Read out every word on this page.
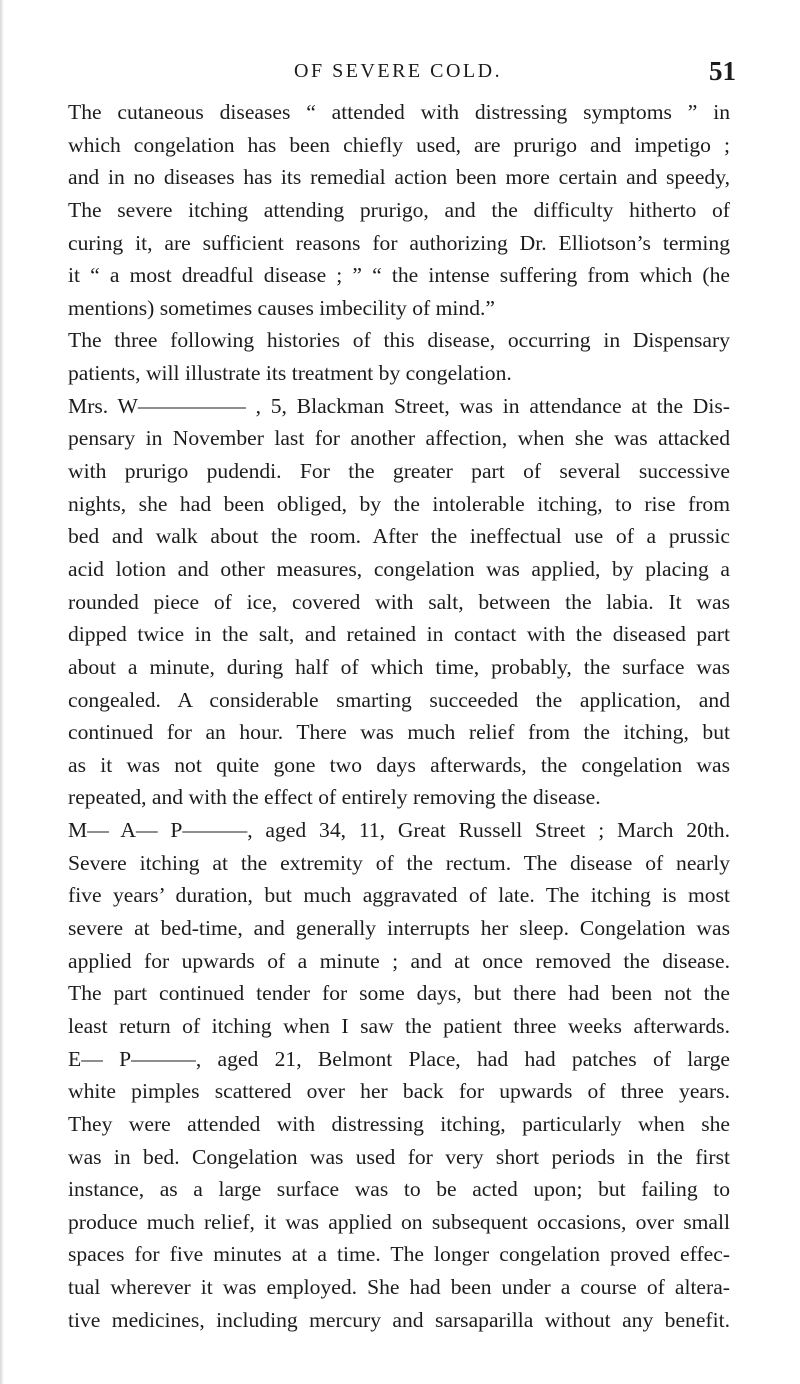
OF SEVERE COLD.	51
The cutaneous diseases “ attended with distressing symptoms ” in
which congelation has been chiefly used, are prurigo and impetigo ;
and in no diseases has its remedial action been more certain and speedy,
The severe itching attending prurigo, and the difficulty hitherto of
curing it, are sufficient reasons for authorizing Dr. Elliotson’s terming
it “ a most dreadful disease ; ” “ the intense suffering from which (he
mentions) sometimes causes imbecility of mind.”
The three following histories of this disease, occurring in Dispensary
patients, will illustrate its treatment by congelation.
Mrs. W————— , 5, Blackman Street, was in attendance at the Dis-
pensary in November last for another affection, when she was attacked
with prurigo pudendi. For the greater part of several successive
nights, she had been obliged, by the intolerable itching, to rise from
bed and walk about the room. After the ineffectual use of a prussic
acid lotion and other measures, congelation was applied, by placing a
rounded piece of ice, covered with salt, between the labia. It was
dipped twice in the salt, and retained in contact with the diseased part
about a minute, during half of which time, probably, the surface was
congealed. A considerable smarting succeeded the application, and
continued for an hour. There was much relief from the itching, but
as it was not quite gone two days afterwards, the congelation was
repeated, and with the effect of entirely removing the disease.
M— A— P———, aged 34, 11, Great Russell Street ; March 20th.
Severe itching at the extremity of the rectum. The disease of nearly
five years’ duration, but much aggravated of late. The itching is most
severe at bed-time, and generally interrupts her sleep. Congelation was
applied for upwards of a minute ; and at once removed the disease.
The part continued tender for some days, but there had been not the
least return of itching when I saw the patient three weeks afterwards.
E— P———, aged 21, Belmont Place, had had patches of large
white pimples scattered over her back for upwards of three years.
They were attended with distressing itching, particularly when she
was in bed. Congelation was used for very short periods in the first
instance, as a large surface was to be acted upon; but failing to
produce much relief, it was applied on subsequent occasions, over small
spaces for five minutes at a time. The longer congelation proved effec-
tual wherever it was employed. She had been under a course of altera-
tive medicines, including mercury and sarsaparilla without any benefit.
